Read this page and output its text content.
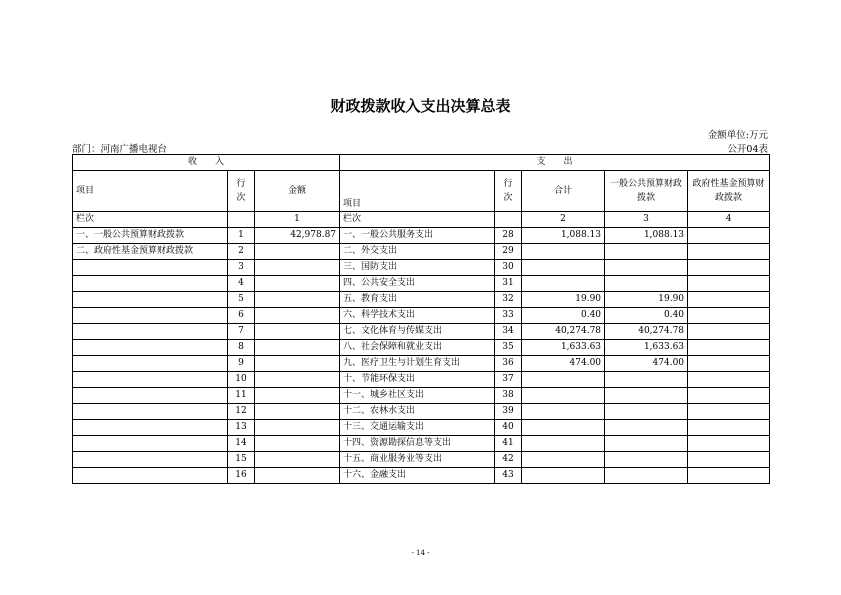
财政拨款收入支出决算总表
金额单位:万元
部门：河南广播电视台	公开04表
收　　入			支　　出				
项目	行
次	金额	项目	行
次	合计	一般公共预算财政拨款	政府性基金预算财政拨款
栏次		1	栏次		2	3	4
一、一般公共预算财政拨款	1	42,978.87	一、一般公共服务支出	28	1,088.13	1,088.13	
二、政府性基金预算财政拨款	2		二、外交支出	29			
	3		三、国防支出	30			
	4		四、公共安全支出	31			
	5		五、教育支出	32	19.90	19.90	
	6		六、科学技术支出	33	0.40	0.40	
	7		七、文化体育与传媒支出	34	40,274.78	40,274.78	
	8		八、社会保障和就业支出	35	1,633.63	1,633.63	
	9		九、医疗卫生与计划生育支出	36	474.00	474.00	
	10		十、节能环保支出	37			
	11		十一、城乡社区支出	38			
	12		十二、农林水支出	39			
	13		十三、交通运输支出	40			
	14		十四、资源勘探信息等支出	41			
	15		十五、商业服务业等支出	42			
	16		十六、金融支出	43			
- 14 -
